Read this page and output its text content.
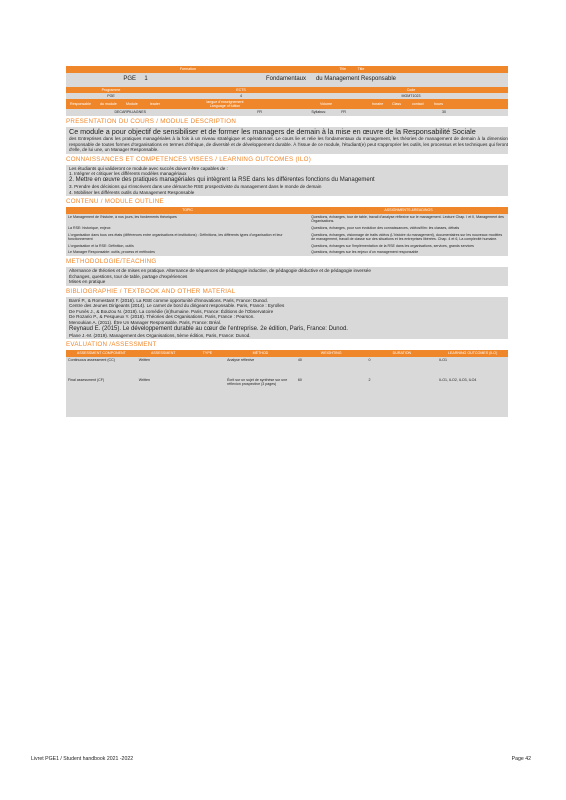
Formation	Title	Title
PGE	1	Fondamentaux	du Management Responsable
Programme	ECTS	Code
PGE	4	MGMT1023
Responsable	du module	Module	leader	langue d'enseignement
Language of tuition
Volume	horaire	Class	contact	hours
DECARPILIAGNES	FR	Syllabus:	FR	30
PRESENTATION DU COURS / MODULE DESCRIPTION

Ce module a pour objectif de sensibiliser et de former les managers de demain à la mise en œuvre de la Responsabilité Sociale

des Entreprises dans les pratiques managériales à la fois à un niveau stratégique et opérationnel. Le cours lie et relie les fondamentaux du management, les théories de management de demain à la dimension responsable de toutes formes d'organisations en termes d'éthique, de diversité et de développement durable. À l'issue de ce module, l'étudiant(e) peut s'approprier les outils, les processus et les techniques qui feront d'elle, de lui une, un Manager Responsable.

CONNAISSANCES ET COMPETENCES VISEES / LEARNING OUTCOMES (ILO)

Les étudiants qui valideront ce module avec succès doivent être capables de :

1. Intégrer et critiquer les différents modèles managériaux

2. Mettre en œuvre des pratiques managériales qui intègrent la RSE dans les différentes fonctions du Management

3. Prendre des décisions qui s'inscrivent dans une démarche RSE prospectiviste du management dans le monde de demain

4. Mobiliser les différents outils du Management Responsable

CONTENU / MODULE OUTLINE
TOPIC	ASSIGNMENTS &READINGS
Le Management de l'histoire, à nos jours, les fondements théoriques	Questions, échanges, tour de table, travail d'analyse réflexive sur le management. Lecture Chap. I et II, Management des Organisations.
La RSE: historique, enjeux	Questions, échanges, pour son évolution des connaissances, vidéos/film: les classes, débats
L'organisation dans tous ces états (différences entre organisations et institutions) : Définitions, les différents types d'organisation et leur fonctionnement	Questions, échanges, visionnage de traits vidéos (L'histoire du management), documentaires sur les nouveaux modèles de management, travail de classe sur des situations et les entreprises libérées. Chap. 4 et 6, La complexité humaine.
L'organisation et la RSE: Définition, outils	Questions, échanges sur l'implémentation de la RSE dans les organisations, services, grands services
Le Manager Responsable: outils, process et méthodes	Questions, échanges sur les enjeux d'un management responsable
METHODOLOGIE/TEACHING

Alternance de théories et de mises en pratique. Alternance de séquences de pédagogie inductive, de pédagogie déductive et de pédagogie inversée

Échanges, questions, tour de table, partage d'expériences

Mises en pratique

BIBLIOGRAPHIE / TEXTBOOK AND OTHER MATERIAL

Barré P., & Romestant F. (2016). La RSE comme opportunité d'innovations. Paris, France: Dunod.

Centre des Jeunes Dirigeants (2014). Le carnet de bord du dirigeant responsable. Paris, France : Eyrolles

De Funès J., & Bouzou N. (2018). La comédie (in)humaine. Paris, France: Éditions de l'Observatoire

De Rozario P., & Pesqueux Y. (2018). Théories des Organisations. Paris, France : Pearson.

Menoukian A. (2011). Être Un Manager Responsable. Paris, France: Bréal.

Reynaud E. (2015). Le développement durable au cœur de l'entreprise. 2e édition, Paris, France: Dunod.

Plane J.-M. (2019). Management des Organisations, 5ème édition, Paris, France: Dunod.

EVALUATION /ASSESSMENT
ASSESSMENT COMPONENT	ASSESSMENT	TYPE	MÉTHOD	WEIGHTING	DURATION	LEARNING OUTCOMES (ILO)
Continuous assessment (CC)	Written		Analyse réflexive	40	0	ILO1
Final assessment (CF)	Written		Écrit sur un sujet de synthèse sur une réflexion prospective (3 pages)	60	2	ILO1, ILO2, ILO3, ILO4
Livret PGE1 / Student handbook 2021 -2022	Page 42
